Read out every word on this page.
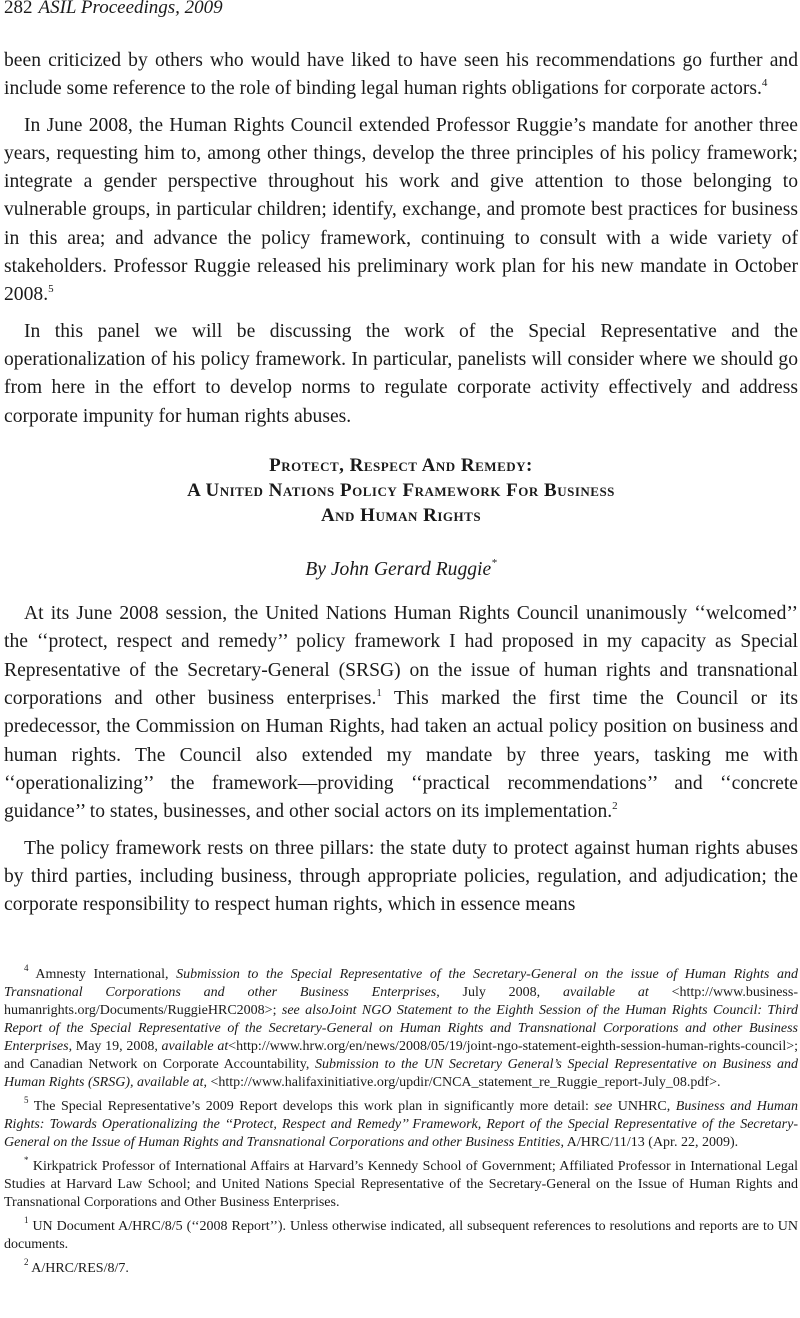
282 ASIL Proceedings, 2009

been criticized by others who would have liked to have seen his recommendations go further and include some reference to the role of binding legal human rights obligations for corporate actors.$^4$

In June 2008, the Human Rights Council extended Professor Ruggie’s mandate for another three years, requesting him to, among other things, develop the three principles of his policy framework; integrate a gender perspective throughout his work and give attention to those belonging to vulnerable groups, in particular children; identify, exchange, and promote best practices for business in this area; and advance the policy framework, continuing to consult with a wide variety of stakeholders. Professor Ruggie released his preliminary work plan for his new mandate in October 2008.$^5$

In this panel we will be discussing the work of the Special Representative and the operationalization of his policy framework. In particular, panelists will consider where we should go from here in the effort to develop norms to regulate corporate activity effectively and address corporate impunity for human rights abuses.

Protect, Respect And Remedy:
A United Nations Policy Framework For Business
And Human Rights
By John Gerard Ruggie*

At its June 2008 session, the United Nations Human Rights Council unanimously ‘‘welcomed’’ the ‘‘protect, respect and remedy’’ policy framework I had proposed in my capacity as Special Representative of the Secretary-General (SRSG) on the issue of human rights and transnational corporations and other business enterprises.$^1$ This marked the first time the Council or its predecessor, the Commission on Human Rights, had taken an actual policy position on business and human rights. The Council also extended my mandate by three years, tasking me with ‘‘operationalizing’’ the framework—providing ‘‘practical recommendations’’ and ‘‘concrete guidance’’ to states, businesses, and other social actors on its implementation.$^2$

The policy framework rests on three pillars: the state duty to protect against human rights abuses by third parties, including business, through appropriate policies, regulation, and adjudication; the corporate responsibility to respect human rights, which in essence means

$^4$ Amnesty International, Submission to the Special Representative of the Secretary-General on the issue of Human Rights and Transnational Corporations and other Business Enterprises, July 2008, available at <http://www.business-humanrights.org/Documents/RuggieHRC2008>; see alsoJoint NGO Statement to the Eighth Session of the Human Rights Council: Third Report of the Special Representative of the Secretary-General on Human Rights and Transnational Corporations and other Business Enterprises, May 19, 2008, available at<http://www.hrw.org/en/news/2008/05/19/joint-ngo-statement-eighth-session-human-rights-council>; and Canadian Network on Corporate Accountability, Submission to the UN Secretary General’s Special Representative on Business and Human Rights (SRSG), available at, <http://www.halifaxinitiative.org/updir/CNCA_statement_re_Ruggie_report-July_08.pdf>.

$^5$ The Special Representative’s 2009 Report develops this work plan in significantly more detail: see UNHRC, Business and Human Rights: Towards Operationalizing the ‘‘Protect, Respect and Remedy’’ Framework, Report of the Special Representative of the Secretary-General on the Issue of Human Rights and Transnational Corporations and other Business Entities, A/HRC/11/13 (Apr. 22, 2009).

* Kirkpatrick Professor of International Affairs at Harvard’s Kennedy School of Government; Affiliated Professor in International Legal Studies at Harvard Law School; and United Nations Special Representative of the Secretary-General on the Issue of Human Rights and Transnational Corporations and Other Business Enterprises.

$^1$ UN Document A/HRC/8/5 (‘‘2008 Report’’). Unless otherwise indicated, all subsequent references to resolutions and reports are to UN documents.

$^2$ A/HRC/RES/8/7.
